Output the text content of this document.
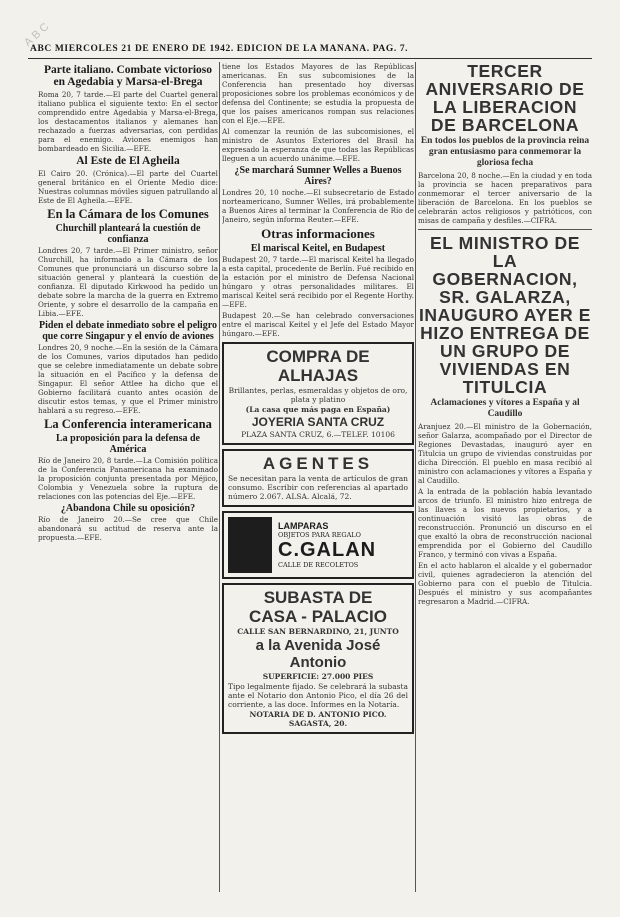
ABC
ABC MIERCOLES 21 DE ENERO DE 1942. EDICION DE LA MAÑANA. PAG. 7.
Parte italiano. Combate victorioso en Agedabia y Marsa-el-Brega

Roma 20, 7 tarde.—El parte del Cuartel general italiano publica el siguiente texto: En el sector comprendido entre Agedabia y Marsa-el-Brega, los destacamentos italianos y alemanes han rechazado a fuerzas adversarias, con perdidas para el enemigo. Aviones enemigos han bombardeado en Sicilia.—EFE.

Al Este de El Agheila

El Cairo 20. (Crónica).—El parte del Cuartel general británico en el Oriente Medio dice: Nuestras columnas móviles siguen patrullando al Este de El Agheila.—EFE.

En la Cámara de los Comunes
Churchill planteará la cuestión de confianza

Londres 20, 7 tarde.—El Primer ministro, señor Churchill, ha informado a la Cámara de los Comunes que pronunciará un discurso sobre la situación general y planteará la cuestión de confianza. El diputado Kirkwood ha pedido un debate sobre la marcha de la guerra en Extremo Oriente, y sobre el desarrollo de la campaña en Libia.—EFE.

Piden el debate inmediato sobre el peligro que corre Singapur y el envío de aviones

Londres 20, 9 noche.—En la sesión de la Cámara de los Comunes, varios diputados han pedido que se celebre inmediatamente un debate sobre la situación en el Pacífico y la defensa de Singapur. El señor Attlee ha dicho que el Gobierno facilitará cuanto antes ocasión de discutir estos temas, y que el Primer ministro hablará a su regreso.—EFE.

La Conferencia interamericana
La proposición para la defensa de América

Río de Janeiro 20, 8 tarde.—La Comisión política de la Conferencia Panamericana ha examinado la proposición conjunta presentada por Méjico, Colombia y Venezuela sobre la ruptura de relaciones con las potencias del Eje.—EFE.

¿Abandona Chile su oposición?

Río de Janeiro 20.—Se cree que Chile abandonará su actitud de reserva ante la propuesta.—EFE.

tiene los Estados Mayores de las Repúblicas americanas. En sus subcomisiones de la Conferencia han presentado hoy diversas proposiciones sobre los problemas económicos y de defensa del Continente; se estudia la propuesta de que los países americanos rompan sus relaciones con el Eje.—EFE.

Al comenzar la reunión de las subcomisiones, el ministro de Asuntos Exteriores del Brasil ha expresado la esperanza de que todas las Repúblicas lleguen a un acuerdo unánime.—EFE.

¿Se marchará Sumner Welles a Buenos Aires?

Londres 20, 10 noche.—El subsecretario de Estado norteamericano, Sumner Welles, irá probablemente a Buenos Aires al terminar la Conferencia de Río de Janeiro, según informa Reuter.—EFE.

Otras informaciones
El mariscal Keitel, en Budapest

Budapest 20, 7 tarde.—El mariscal Keitel ha llegado a esta capital, procedente de Berlín. Fué recibido en la estación por el ministro de Defensa Nacional húngaro y otras personalidades militares. El mariscal Keitel será recibido por el Regente Horthy.—EFE.

Budapest 20.—Se han celebrado conversaciones entre el mariscal Keitel y el Jefe del Estado Mayor húngaro.—EFE.

COMPRA DE ALHAJAS

Brillantes, perlas, esmeraldas y objetos de oro, plata y platino

(La casa que más paga en España)

JOYERIA SANTA CRUZ

PLAZA SANTA CRUZ, 6.—TELEF. 10106

AGENTES

Se necesitan para la venta de artículos de gran consumo. Escribir con referencias al apartado número 2.067. ALSA. Alcalá, 72.

LAMPARAS
OBJETOS PARA REGALO
C.GALAN
CALLE DE RECOLETOS

SUBASTA DE

CASA - PALACIO

CALLE SAN BERNARDINO, 21, JUNTO

a la Avenida José Antonio

SUPERFICIE: 27.000 PIES

Tipo legalmente fijado. Se celebrará la subasta ante el Notario don Antonio Pico, el día 26 del corriente, a las doce. Informes en la Notaría.

NOTARIA DE D. ANTONIO PICO. SAGASTA, 20.

TERCER ANIVERSARIO DE LA LIBERACION DE BARCELONA

En todos los pueblos de la provincia reina gran entusiasmo para conmemorar la gloriosa fecha

Barcelona 20, 8 noche.—En la ciudad y en toda la provincia se hacen preparativos para conmemorar el tercer aniversario de la liberación de Barcelona. En los pueblos se celebrarán actos religiosos y patrióticos, con misas de campaña y desfiles.—CIFRA.

EL MINISTRO DE LA GOBERNACION, SR. GALARZA, INAUGURO AYER E HIZO ENTREGA DE UN GRUPO DE VIVIENDAS EN TITULCIA

Aclamaciones y vítores a España y al Caudillo

Aranjuez 20.—El ministro de la Gobernación, señor Galarza, acompañado por el Director de Regiones Devastadas, inauguró ayer en Titulcia un grupo de viviendas construidas por dicha Dirección. El pueblo en masa recibió al ministro con aclamaciones y vítores a España y al Caudillo.

A la entrada de la población había levantado arcos de triunfo. El ministro hizo entrega de las llaves a los nuevos propietarios, y a continuación visitó las obras de reconstrucción. Pronunció un discurso en el que exaltó la obra de reconstrucción nacional emprendida por el Gobierno del Caudillo Franco, y terminó con vivas a España.

En el acto hablaron el alcalde y el gobernador civil, quienes agradecieron la atención del Gobierno para con el pueblo de Titulcia. Después el ministro y sus acompañantes regresaron a Madrid.—CIFRA.
